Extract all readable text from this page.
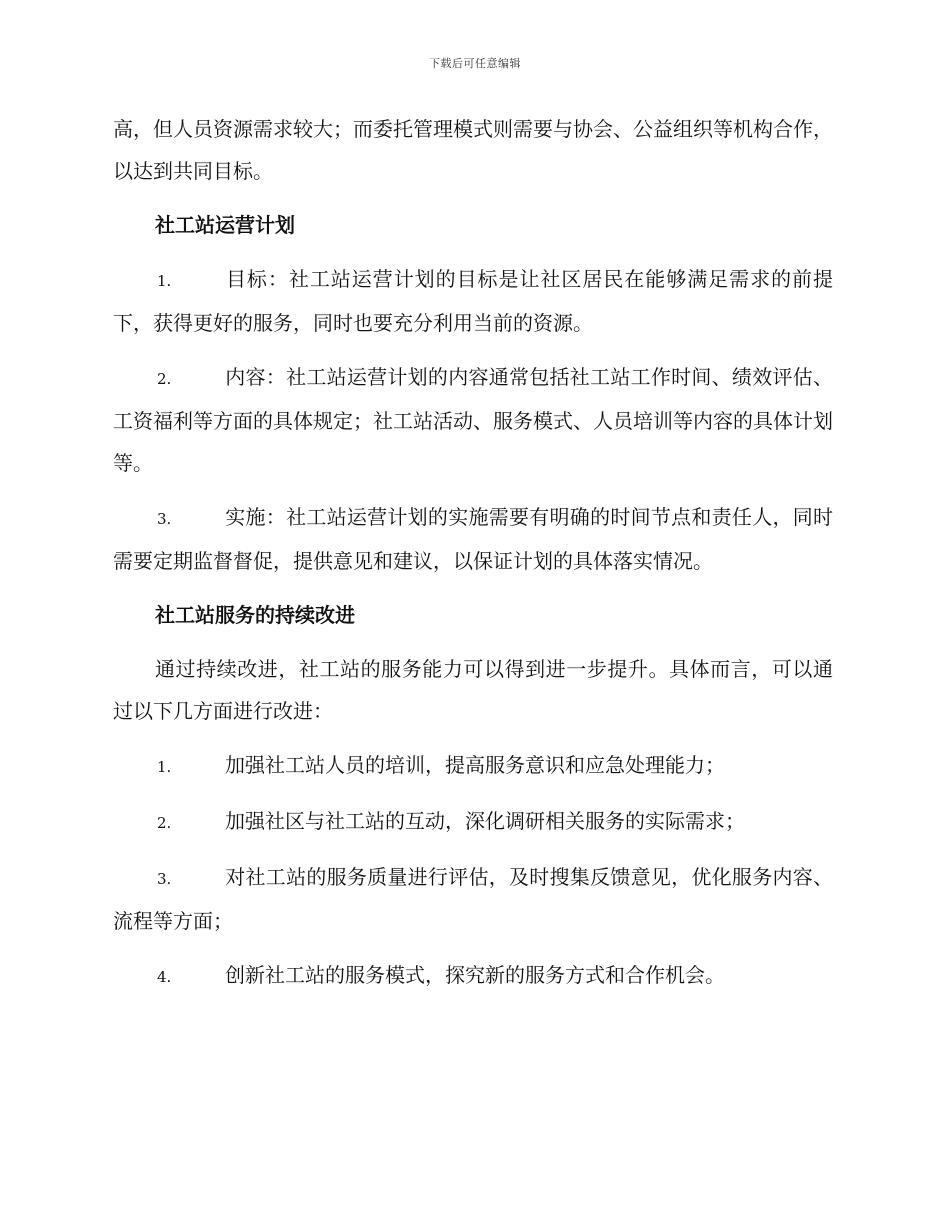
下载后可任意编辑

高，但人员资源需求较大；而委托管理模式则需要与协会、公益组织等机构合作，以达到共同目标。

社工站运营计划

1.	目标：社工站运营计划的目标是让社区居民在能够满足需求的前提下，获得更好的服务，同时也要充分利用当前的资源。

2.	内容：社工站运营计划的内容通常包括社工站工作时间、绩效评估、工资福利等方面的具体规定；社工站活动、服务模式、人员培训等内容的具体计划等。

3.	实施：社工站运营计划的实施需要有明确的时间节点和责任人，同时需要定期监督督促，提供意见和建议，以保证计划的具体落实情况。

社工站服务的持续改进

通过持续改进，社工站的服务能力可以得到进一步提升。具体而言，可以通过以下几方面进行改进：

1.	加强社工站人员的培训，提高服务意识和应急处理能力；

2.	加强社区与社工站的互动，深化调研相关服务的实际需求；

3.	对社工站的服务质量进行评估，及时搜集反馈意见，优化服务内容、流程等方面；

4.	创新社工站的服务模式，探究新的服务方式和合作机会。
